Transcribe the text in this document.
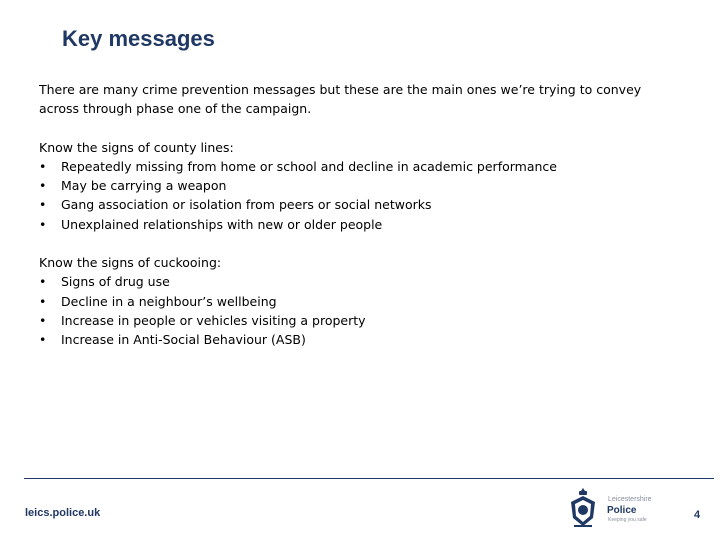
Key messages

There are many crime prevention messages but these are the main ones we’re trying to convey across through phase one of the campaign.

Know the signs of county lines:

• Repeatedly missing from home or school and decline in academic performance
• May be carrying a weapon
• Gang association or isolation from peers or social networks
• Unexplained relationships with new or older people

Know the signs of cuckooing:

• Signs of drug use
• Decline in a neighbour’s wellbeing
• Increase in people or vehicles visiting a property
• Increase in Anti-Social Behaviour (ASB)
leics.police.uk
Leicestershire
Police
Keeping you safe	4
